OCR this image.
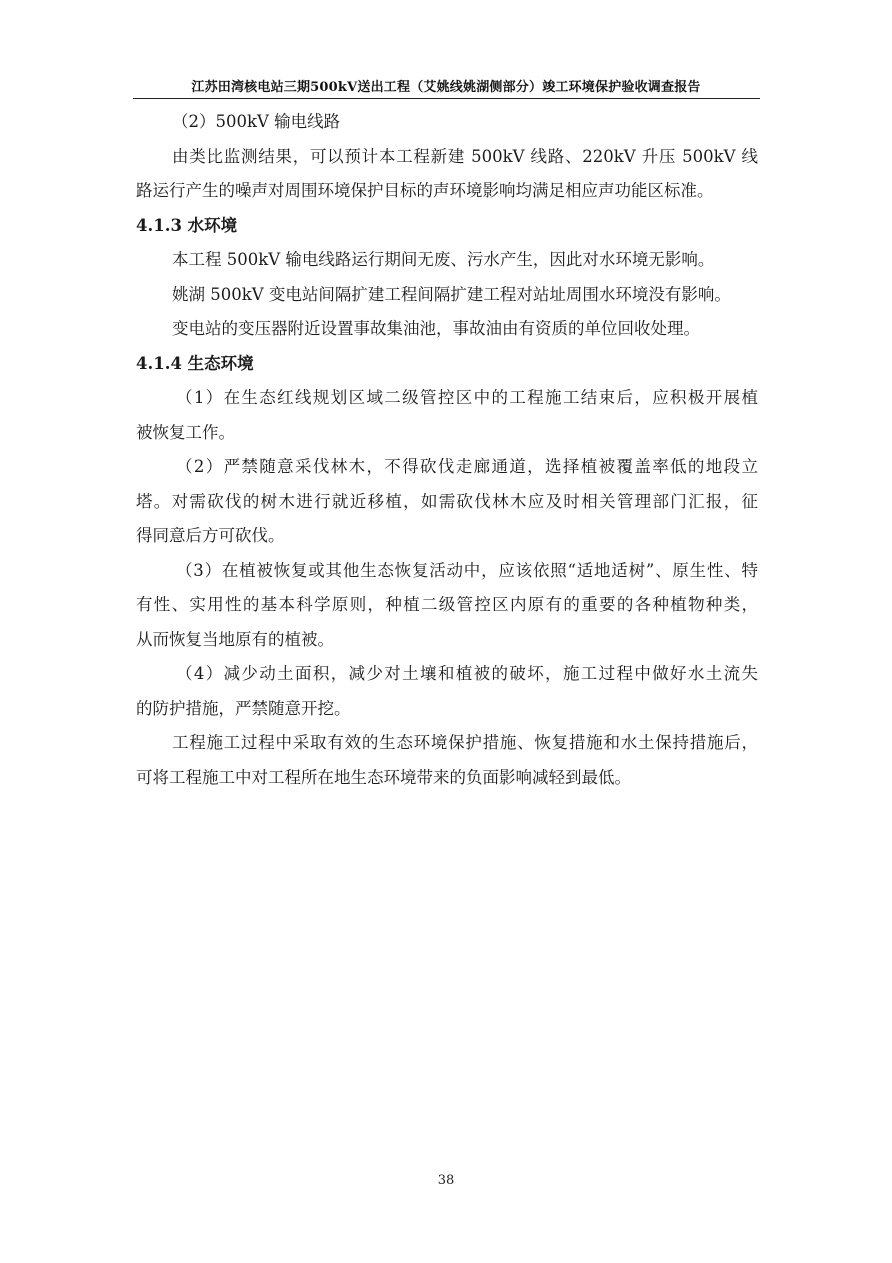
江苏田湾核电站三期500kV送出工程（艾姚线姚湖侧部分）竣工环境保护验收调查报告
（2）500kV 输电线路
由类比监测结果，可以预计本工程新建 500kV 线路、220kV 升压 500kV 线
路运行产生的噪声对周围环境保护目标的声环境影响均满足相应声功能区标准。
4.1.3 水环境
本工程 500kV 输电线路运行期间无废、污水产生，因此对水环境无影响。
姚湖 500kV 变电站间隔扩建工程间隔扩建工程对站址周围水环境没有影响。
变电站的变压器附近设置事故集油池，事故油由有资质的单位回收处理。
4.1.4 生态环境
（1）在生态红线规划区域二级管控区中的工程施工结束后，应积极开展植
被恢复工作。
（2）严禁随意采伐林木，不得砍伐走廊通道，选择植被覆盖率低的地段立
塔。对需砍伐的树木进行就近移植，如需砍伐林木应及时相关管理部门汇报，征
得同意后方可砍伐。
（3）在植被恢复或其他生态恢复活动中，应该依照“适地适树”、原生性、特
有性、实用性的基本科学原则，种植二级管控区内原有的重要的各种植物种类，
从而恢复当地原有的植被。
（4）减少动土面积，减少对土壤和植被的破坏，施工过程中做好水土流失
的防护措施，严禁随意开挖。
工程施工过程中采取有效的生态环境保护措施、恢复措施和水土保持措施后，
可将工程施工中对工程所在地生态环境带来的负面影响减轻到最低。
38
